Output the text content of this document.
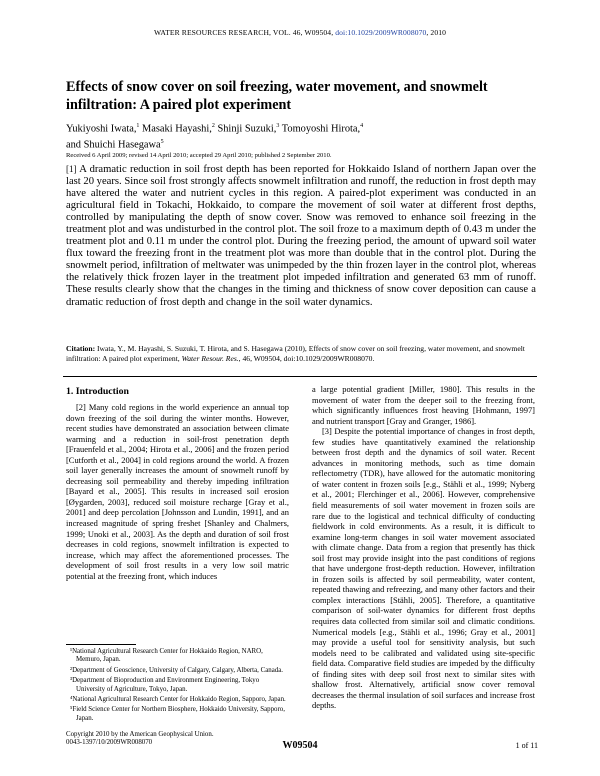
WATER RESOURCES RESEARCH, VOL. 46, W09504, doi:10.1029/2009WR008070, 2010
Effects of snow cover on soil freezing, water movement, and snowmelt infiltration: A paired plot experiment
Yukiyoshi Iwata,$^1$ Masaki Hayashi,$^2$ Shinji Suzuki,$^3$ Tomoyoshi Hirota,$^4$
and Shuichi Hasegawa$^5$
Received 6 April 2009; revised 14 April 2010; accepted 29 April 2010; published 2 September 2010.
[1] A dramatic reduction in soil frost depth has been reported for Hokkaido Island of northern Japan over the last 20 years. Since soil frost strongly affects snowmelt infiltration and runoff, the reduction in frost depth may have altered the water and nutrient cycles in this region. A paired-plot experiment was conducted in an agricultural field in Tokachi, Hokkaido, to compare the movement of soil water at different frost depths, controlled by manipulating the depth of snow cover. Snow was removed to enhance soil freezing in the treatment plot and was undisturbed in the control plot. The soil froze to a maximum depth of 0.43 m under the treatment plot and 0.11 m under the control plot. During the freezing period, the amount of upward soil water flux toward the freezing front in the treatment plot was more than double that in the control plot. During the snowmelt period, infiltration of meltwater was unimpeded by the thin frozen layer in the control plot, whereas the relatively thick frozen layer in the treatment plot impeded infiltration and generated 63 mm of runoff. These results clearly show that the changes in the timing and thickness of snow cover deposition can cause a dramatic reduction of frost depth and change in the soil water dynamics.
Citation: Iwata, Y., M. Hayashi, S. Suzuki, T. Hirota, and S. Hasegawa (2010), Effects of snow cover on soil freezing, water movement, and snowmelt infiltration: A paired plot experiment, Water Resour. Res., 46, W09504, doi:10.1029/2009WR008070.
1. Introduction

[2] Many cold regions in the world experience an annual top down freezing of the soil during the winter months. However, recent studies have demonstrated an association between climate warming and a reduction in soil-frost penetration depth [Frauenfeld et al., 2004; Hirota et al., 2006] and the frozen period [Cutforth et al., 2004] in cold regions around the world. A frozen soil layer generally increases the amount of snowmelt runoff by decreasing soil permeability and thereby impeding infiltration [Bayard et al., 2005]. This results in increased soil erosion [Øygarden, 2003], reduced soil moisture recharge [Gray et al., 2001] and deep percolation [Johnsson and Lundin, 1991], and an increased magnitude of spring freshet [Shanley and Chalmers, 1999; Unoki et al., 2003]. As the depth and duration of soil frost decreases in cold regions, snowmelt infiltration is expected to increase, which may affect the aforementioned processes. The development of soil frost results in a very low soil matric potential at the freezing front, which induces

a large potential gradient [Miller, 1980]. This results in the movement of water from the deeper soil to the freezing front, which significantly influences frost heaving [Hohmann, 1997] and nutrient transport [Gray and Granger, 1986].

[3] Despite the potential importance of changes in frost depth, few studies have quantitatively examined the relationship between frost depth and the dynamics of soil water. Recent advances in monitoring methods, such as time domain reflectometry (TDR), have allowed for the automatic monitoring of water content in frozen soils [e.g., Stähli et al., 1999; Nyberg et al., 2001; Flerchinger et al., 2006]. However, comprehensive field measurements of soil water movement in frozen soils are rare due to the logistical and technical difficulty of conducting fieldwork in cold environments. As a result, it is difficult to examine long-term changes in soil water movement associated with climate change. Data from a region that presently has thick soil frost may provide insight into the past conditions of regions that have undergone frost-depth reduction. However, infiltration in frozen soils is affected by soil permeability, water content, repeated thawing and refreezing, and many other factors and their complex interactions [Stähli, 2005]. Therefore, a quantitative comparison of soil-water dynamics for different frost depths requires data collected from similar soil and climatic conditions. Numerical models [e.g., Stähli et al., 1996; Gray et al., 2001] may provide a useful tool for sensitivity analysis, but such models need to be calibrated and validated using site-specific field data. Comparative field studies are impeded by the difficulty of finding sites with deep soil frost next to similar sites with shallow frost. Alternatively, artificial snow cover removal decreases the thermal insulation of soil surfaces and increase frost depths.

¹National Agricultural Research Center for Hokkaido Region, NARO, Memuro, Japan.

²Department of Geoscience, University of Calgary, Calgary, Alberta, Canada.

³Department of Bioproduction and Environment Engineering, Tokyo University of Agriculture, Tokyo, Japan.

⁴National Agricultural Research Center for Hokkaido Region, Sapporo, Japan.

⁵Field Science Center for Northern Biosphere, Hokkaido University, Sapporo, Japan.

Copyright 2010 by the American Geophysical Union.
0043-1397/10/2009WR008070	W09504	1 of 11
